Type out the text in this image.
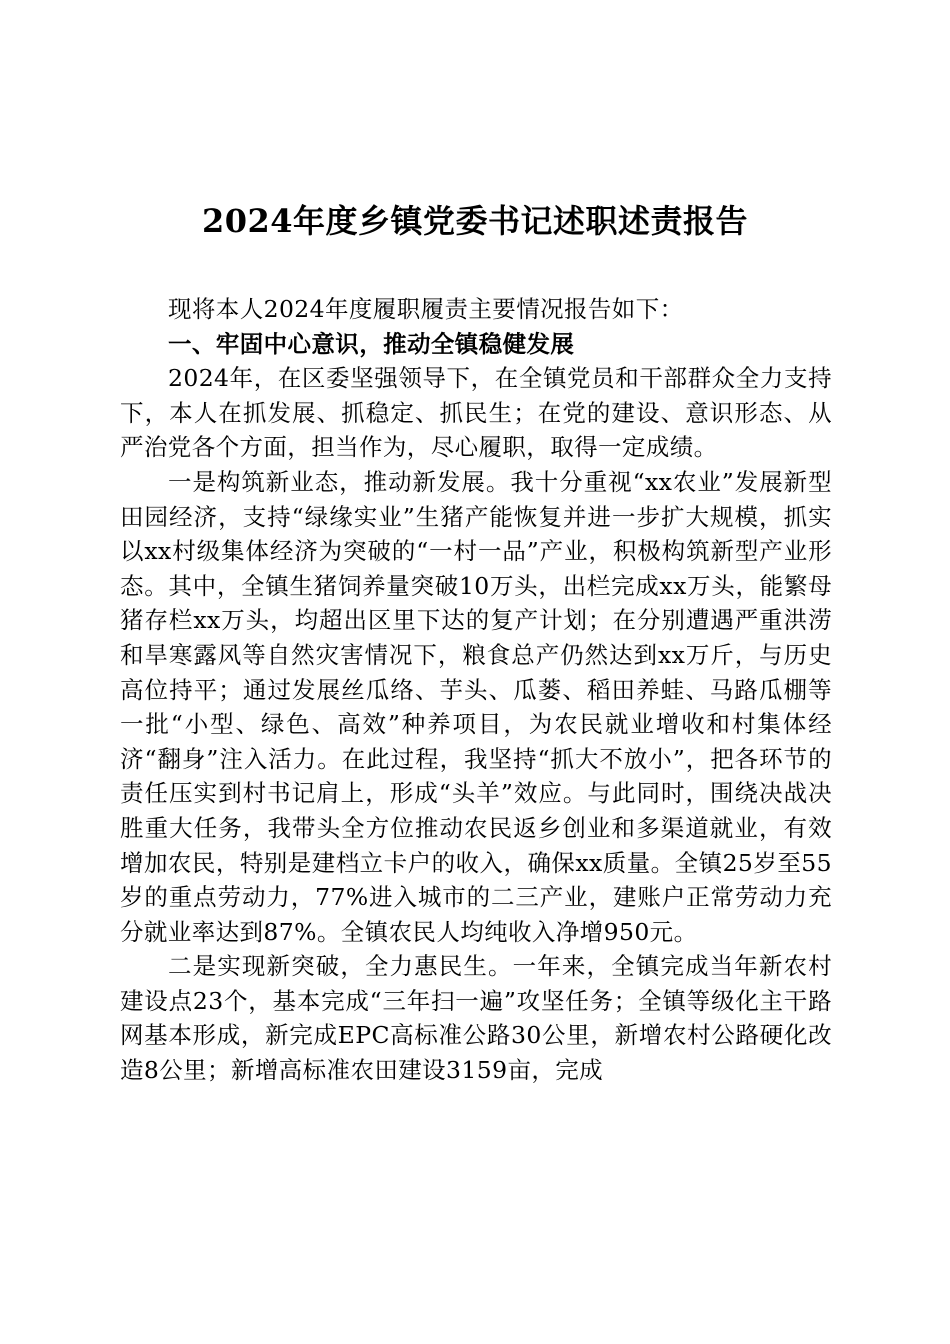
2024年度乡镇党委书记述职述责报告

现将本人2024年度履职履责主要情况报告如下：

一、牢固中心意识，推动全镇稳健发展

2024年，在区委坚强领导下，在全镇党员和干部群众全力支持下，本人在抓发展、抓稳定、抓民生；在党的建设、意识形态、从严治党各个方面，担当作为，尽心履职，取得一定成绩。

一是构筑新业态，推动新发展。我十分重视“xx农业”发展新型田园经济，支持“绿缘实业”生猪产能恢复并进一步扩大规模，抓实以xx村级集体经济为突破的“一村一品”产业，积极构筑新型产业形态。其中，全镇生猪饲养量突破10万头，出栏完成xx万头，能繁母猪存栏xx万头，均超出区里下达的复产计划；在分别遭遇严重洪涝和旱寒露风等自然灾害情况下，粮食总产仍然达到xx万斤，与历史高位持平；通过发展丝瓜络、芋头、瓜蒌、稻田养蛙、马路瓜棚等一批“小型、绿色、高效”种养项目，为农民就业增收和村集体经济“翻身”注入活力。在此过程，我坚持“抓大不放小”，把各环节的责任压实到村书记肩上，形成“头羊”效应。与此同时，围绕决战决胜重大任务，我带头全方位推动农民返乡创业和多渠道就业，有效增加农民，特别是建档立卡户的收入，确保xx质量。全镇25岁至55岁的重点劳动力，77%进入城市的二三产业，建账户正常劳动力充分就业率达到87%。全镇农民人均纯收入净增950元。

二是实现新突破，全力惠民生。一年来，全镇完成当年新农村建设点23个，基本完成“三年扫一遍”攻坚任务；全镇等级化主干路网基本形成，新完成EPC高标准公路30公里，新增农村公路硬化改造8公里；新增高标准农田建设3159亩，完成
